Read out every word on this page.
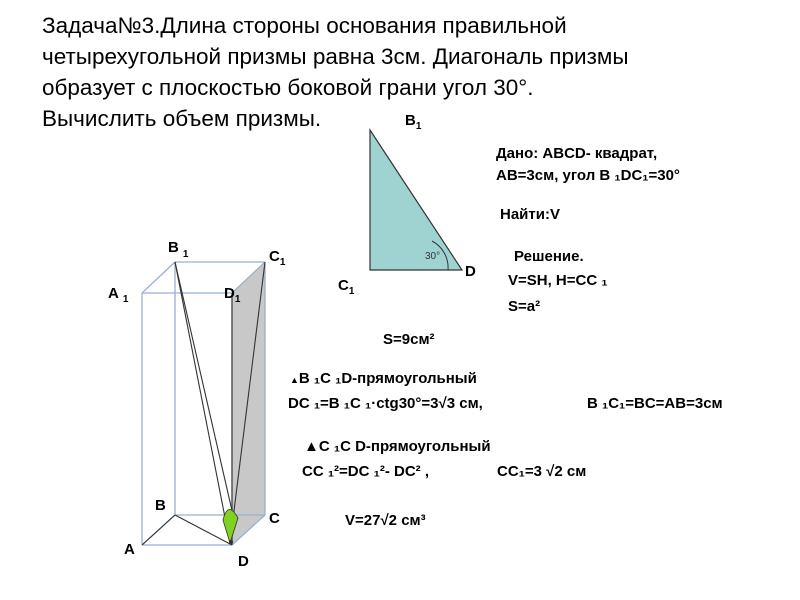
Задача№3.Длина стороны основания правильной
четырехугольной призмы равна 3см. Диагональ призмы
образует с плоскостью боковой грани угол 30°.
Вычислить объем призмы.	$B_1$
$C_1$
D
30°
B $_1$	$C_1$
A $_1$	$D_1$
B
C
A
D
Дано: ABCD- квадрат,
AB=3см, угол B ₁DC₁=30°
Найти:V
Решение.
V=SH, H=CC ₁
S=a²
S=9см²
▲B ₁C ₁D-прямоугольный
DC ₁=B ₁C ₁·ctg30°=3√3 см,	B ₁C₁=BC=AB=3см
▲C ₁C D-прямоугольный
CC ₁²=DC ₁²- DC² ,	CC₁=3 √2 см
V=27√2 см³
